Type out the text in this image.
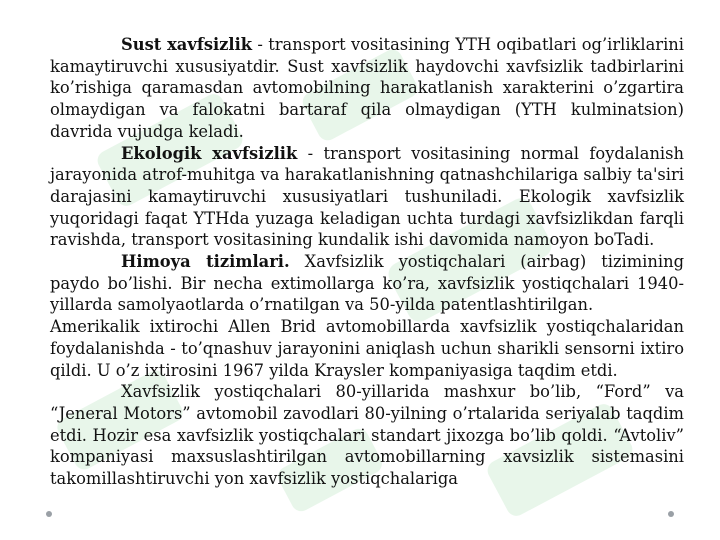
Sust xavfsizlik - transport vositasining YTH oqibatlari og’irliklarini kamaytiruvchi xususiyatdir. Sust xavfsizlik haydovchi xavfsizlik tadbirlarini ko’rishiga qaramasdan avtomobilning harakatlanish xarakterini o’zgartira olmaydigan va falokatni bartaraf qila olmaydigan (YTH kulminatsion) davrida vujudga keladi.

Ekologik xavfsizlik - transport vositasining normal foydalanish jarayonida atrof-muhitga va harakatlanishning qatnashchilariga salbiy ta'siri darajasini kamaytiruvchi xususiyatlari tushuniladi. Ekologik xavfsizlik yuqoridagi faqat YTHda yuzaga keladigan uchta turdagi xavfsizlikdan farqli ravishda, transport vositasining kundalik ishi davomida namoyon boTadi.

Himoya tizimlari. Xavfsizlik yostiqchalari (airbag) tizimining paydo bo’lishi. Bir necha extimollarga ko’ra, xavfsizlik yostiqchalari 1940-yillarda samolyaotlarda o’rnatilgan va 50-yilda patentlashtirilgan.

Amerikalik ixtirochi Allen Brid avtomobillarda xavfsizlik yostiqchalaridan foydalanishda - to’qnashuv jarayonini aniqlash uchun sharikli sensorni ixtiro qildi. U o’z ixtirosini 1967 yilda Kraysler kompaniyasiga taqdim etdi.

Xavfsizlik yostiqchalari 80-yillarida mashxur bo’lib, “Ford” va “Jeneral Motors” avtomobil zavodlari 80-yilning o’rtalarida seriyalab taqdim etdi. Hozir esa xavfsizlik yostiqchalari standart jixozga bo’lib qoldi. “Avtoliv” kompaniyasi maxsuslashtirilgan avtomobillarning xavsizlik sistemasini takomillashtiruvchi yon xavfsizlik yostiqchalariga
